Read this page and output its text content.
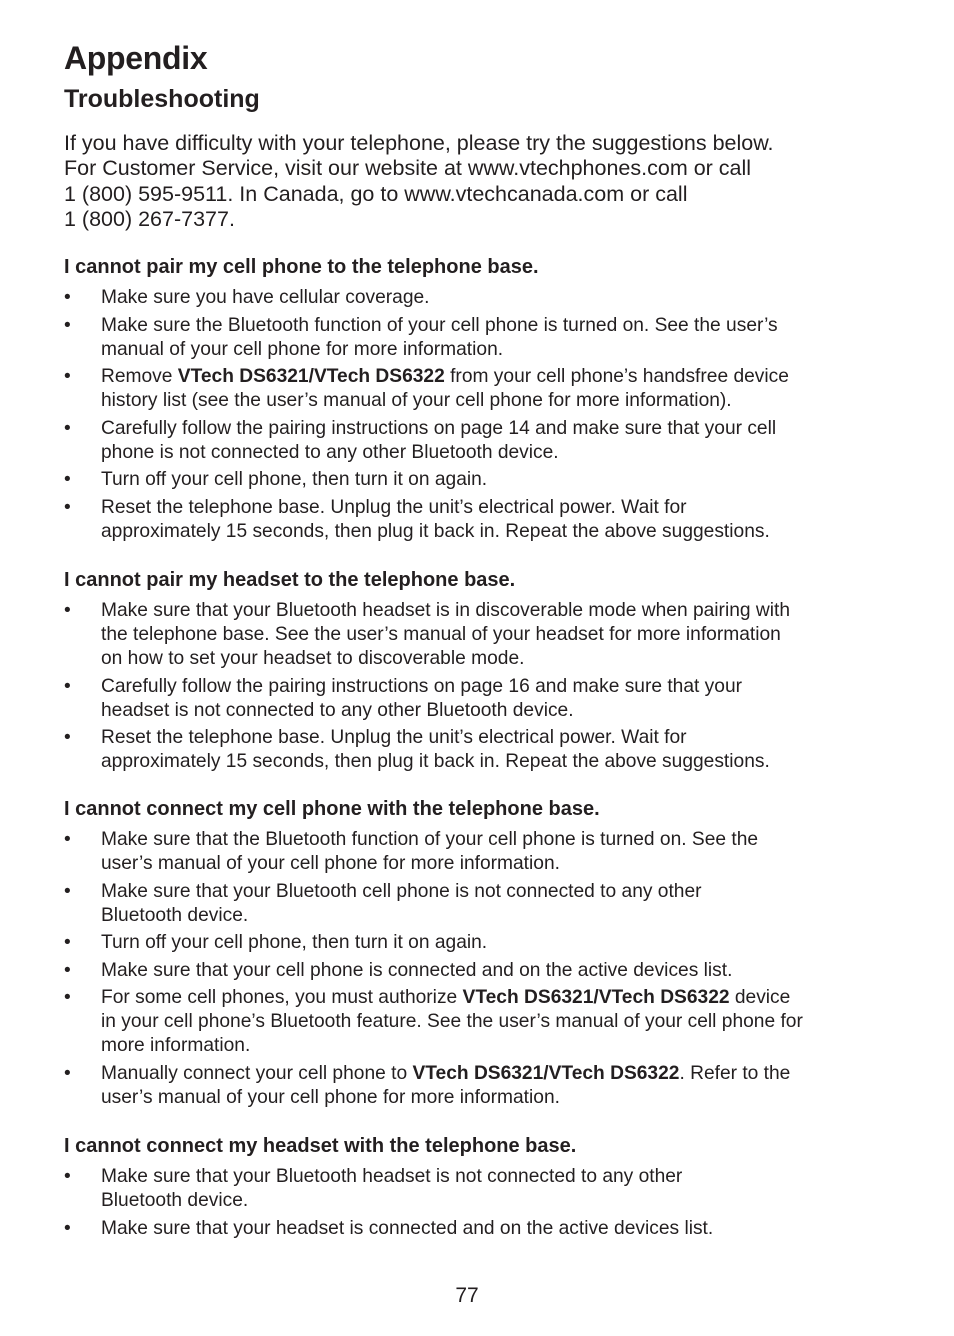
Appendix
Troubleshooting
If you have difficulty with your telephone, please try the suggestions below.
For Customer Service, visit our website at www.vtechphones.com or call
1 (800) 595-9511. In Canada, go to www.vtechcanada.com or call
1 (800) 267-7377.
I cannot pair my cell phone to the telephone base.
• Make sure you have cellular coverage.
• Make sure the Bluetooth function of your cell phone is turned on. See the user’s
manual of your cell phone for more information.
• Remove VTech DS6321/VTech DS6322 from your cell phone’s handsfree device
history list (see the user’s manual of your cell phone for more information).
• Carefully follow the pairing instructions on page 14 and make sure that your cell
phone is not connected to any other Bluetooth device.
• Turn off your cell phone, then turn it on again.
• Reset the telephone base. Unplug the unit’s electrical power. Wait for
approximately 15 seconds, then plug it back in. Repeat the above suggestions.
I cannot pair my headset to the telephone base.
• Make sure that your Bluetooth headset is in discoverable mode when pairing with
the telephone base. See the user’s manual of your headset for more information
on how to set your headset to discoverable mode.
• Carefully follow the pairing instructions on page 16 and make sure that your
headset is not connected to any other Bluetooth device.
• Reset the telephone base. Unplug the unit’s electrical power. Wait for
approximately 15 seconds, then plug it back in. Repeat the above suggestions.
I cannot connect my cell phone with the telephone base.
• Make sure that the Bluetooth function of your cell phone is turned on. See the
user’s manual of your cell phone for more information.
• Make sure that your Bluetooth cell phone is not connected to any other
Bluetooth device.
• Turn off your cell phone, then turn it on again.
• Make sure that your cell phone is connected and on the active devices list.
• For some cell phones, you must authorize VTech DS6321/VTech DS6322 device
in your cell phone’s Bluetooth feature. See the user’s manual of your cell phone for
more information.
• Manually connect your cell phone to VTech DS6321/VTech DS6322. Refer to the
user’s manual of your cell phone for more information.
I cannot connect my headset with the telephone base.
• Make sure that your Bluetooth headset is not connected to any other
Bluetooth device.
• Make sure that your headset is connected and on the active devices list.
77
